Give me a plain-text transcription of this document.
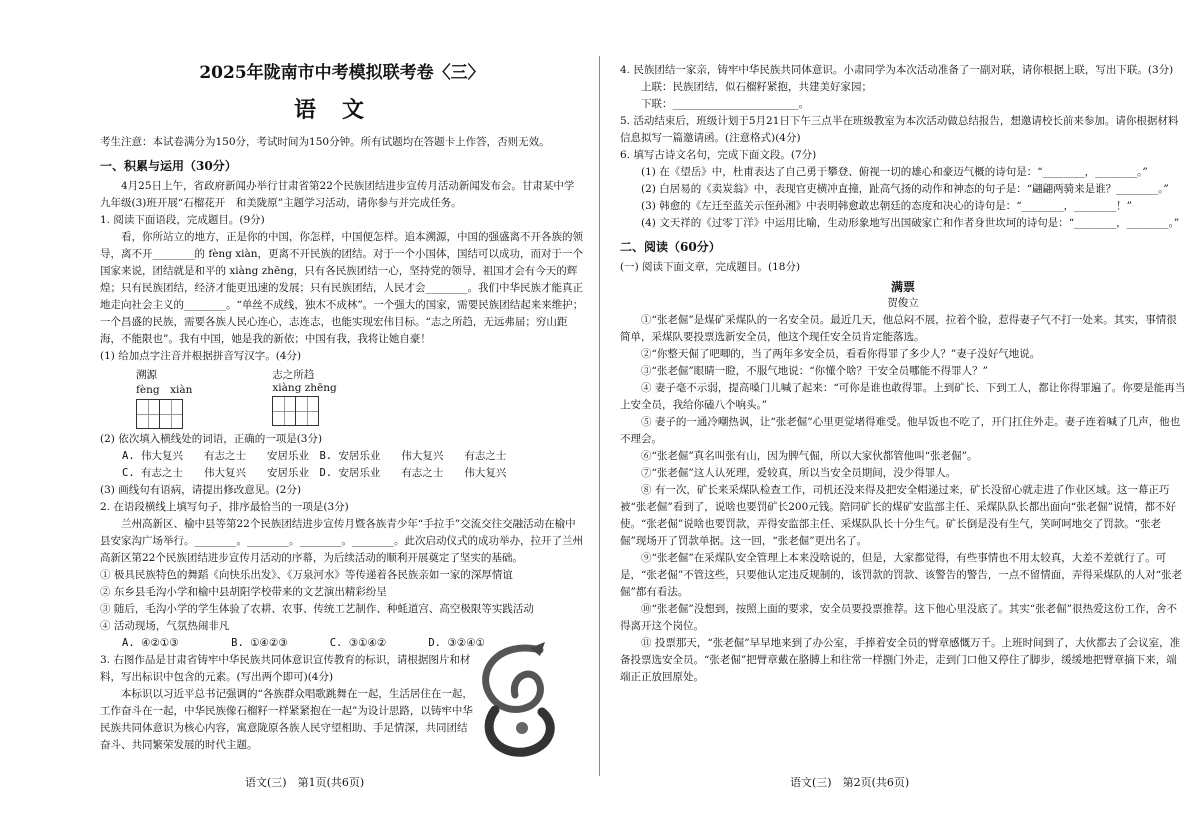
2025年陇南市中考模拟联考卷〈三〉

语文

考生注意：本试卷满分为150分，考试时间为150分钟。所有试题均在答题卡上作答，否则无效。

一、积累与运用（30分）

4月25日上午，省政府新闻办举行甘肃省第22个民族团结进步宣传月活动新闻发布会。甘肃某中学九年级(3)班开展“石榴花开　和美陇原”主题学习活动，请你参与并完成任务。

1. 阅读下面语段，完成题目。(9分)

看，你所站立的地方，正是你的中国，你怎样，中国便怎样。追本溯源，中国的强盛离不开各族的领导，离不开________的 fèng xiàn，更离不开民族的团结。对于一个小国体，国结可以成功，而对于一个国家来说，团结就是和平的 xiàng zhēng，只有各民族团结一心，坚持党的领导，祖国才会有今天的辉煌；只有民族团结，经济才能更迅速的发展；只有民族团结，人民才会________。我们中华民族才能真正地走向社会主义的________。“单丝不成线，独木不成林”。一个强大的国家，需要民族团结起来来维护；一个昌盛的民族，需要各族人民心连心，志连志，也能实现宏伟目标。“志之所趋，无远弗届；穷山距海，不能限也”。我有中国，她是我的新依；中国有我，我将让她自豪！

(1) 给加点字注音并根据拼音写汉字。(4分)

溯源
fèng　xiàn
志之所趋
xiàng zhēng

(2) 依次填入横线处的词语，正确的一项是(3分)

A. 伟大复兴　　有志之士　　安居乐业　B. 安居乐业　　伟大复兴　　有志之士

C. 有志之士　　伟大复兴　　安居乐业　D. 安居乐业　　有志之士　　伟大复兴

(3) 画线句有语病，请提出修改意见。(2分)

2. 在语段横线上填写句子，排序最恰当的一项是(3分)

兰州高新区、榆中县等第22个民族团结进步宣传月暨各族青少年“手拉手”交流交往交融活动在榆中县安家沟广场举行。________。________。________。________。此次启动仪式的成功举办，拉开了兰州高新区第22个民族团结进步宣传月活动的序幕，为后续活动的顺利开展奠定了坚实的基础。

① 极具民族特色的舞蹈《向快乐出发》、《万泉河水》等传递着各民族亲如一家的深厚情谊

② 东乡县毛沟小学和榆中县胡阳学校带来的文艺演出精彩纷呈

③ 随后，毛沟小学的学生体验了农耕、农事、传统工艺制作、种蚝道宫、高空极限等实践活动

④ 活动现场，气氛热闹非凡

A. ④②①③　　　　　B. ①④②③　　　　C. ③①④②　　　　D. ③②④①

3. 右图作品是甘肃省铸牢中华民族共同体意识宣传教育的标识，请根据图片和材料，写出标识中包含的元素。(写出两个即可)(4分)

本标识以习近平总书记强调的“各族群众唱歌跳舞在一起，生活居住在一起，工作奋斗在一起，中华民族像石榴籽一样紧紧抱在一起”为设计思路，以铸牢中华民族共同体意识为核心内容，寓意陇原各族人民守望相助、手足情深，共同团结奋斗、共同繁荣发展的时代主题。

语文(三)　第1页(共6页)

4. 民族团结一家亲，铸牢中华民族共同体意识。小肃同学为本次活动准备了一副对联，请你根据上联，写出下联。(3分)

上联：民族团结，似石榴籽紧抱，共建美好家园；

下联：________________________。

5. 活动结束后，班级计划于5月21日下午三点半在班级教室为本次活动做总结报告，想邀请校长前来参加。请你根据材料信息拟写一篇邀请函。(注意格式)(4分)

6. 填写古诗文名句，完成下面文段。(7分)

(1) 在《望岳》中，杜甫表达了自己勇于攀登、俯视一切的雄心和豪迈气概的诗句是：“________，________。”

(2) 白居易的《卖炭翁》中，表现官吏横冲直撞，趾高气扬的动作和神态的句子是：“翩翩两骑来是谁？________。”

(3) 韩愈的《左迁至蓝关示侄孙湘》中表明韩愈敢忠朝廷的态度和决心的诗句是：“________，________！”

(4) 文天祥的《过零丁洋》中运用比喻，生动形象地写出国破家亡和作者身世坎坷的诗句是：“________，________。”

二、阅读（60分）

(一) 阅读下面文章，完成题目。(18分)

满票

贺俊立

①“张老倔”是煤矿采煤队的一名安全员。最近几天，他总闷不展，拉着个脸，惹得妻子气不打一处来。其实，事情很简单，采煤队要投票选新安全员，他这个现任安全员肯定能落选。

②“你整天倔了吧唧的，当了两年多安全员，看看你得罪了多少人？”妻子没好气地说。

③“张老倔”眼睛一瞪，不服气地说：“你懂个啥？干安全员哪能不得罪人？”

④ 妻子毫不示弱，提高嗓门儿喊了起来：“可你是谁也敢得罪。上到矿长、下到工人，都让你得罪遍了。你要是能再当上安全员，我给你磕八个响头。”

⑤ 妻子的一通冷嘲热讽，让“张老倔”心里更觉堵得难受。他早饭也不吃了，开门扛住外走。妻子连着喊了几声，他也不理会。

⑥“张老倔”真名叫张有山，因为脾气倔，所以大家伙都管他叫“张老倔”。

⑦“张老倔”这人认死理，爱较真，所以当安全员期间，没少得罪人。

⑧ 有一次，矿长来采煤队检查工作，司机还没来得及把安全帽递过来，矿长没留心就走进了作业区域。这一幕正巧被“张老倔”看到了，说啥也要罚矿长200元钱。陪同矿长的煤矿安监部主任、采煤队队长都出面向“张老倔”说情，都不好使。“张老倔”说啥也要罚款，弄得安监部主任、采煤队队长十分生气。矿长倒是没有生气，笑呵呵地交了罚款。“张老倔”现场开了罚款单据。这一回，“张老倔”更出名了。

⑨“张老倔”在采煤队安全管理上本来没啥说的，但是，大家都觉得，有些事情也不用太较真，大差不差就行了。可是，“张老倔”不管这些，只要他认定违反规制的，该罚款的罚款、该警告的警告，一点不留情面，弄得采煤队的人对“张老倔”都有看法。

⑩“张老倔”没想到，按照上面的要求，安全员要投票推荐。这下他心里没底了。其实“张老倔”很热爱这份工作，舍不得离开这个岗位。

⑪ 投票那天，“张老倔”早早地来到了办公室，手捧着安全员的臂章感慨万千。上班时间到了，大伙都去了会议室，准备投票选安全员。“张老倔”把臂章戴在胳膊上和往常一样捌门外走，走到门口他又停住了脚步，缓缓地把臂章摘下来，端端正正放回原处。

语文(三)　第2页(共6页)
